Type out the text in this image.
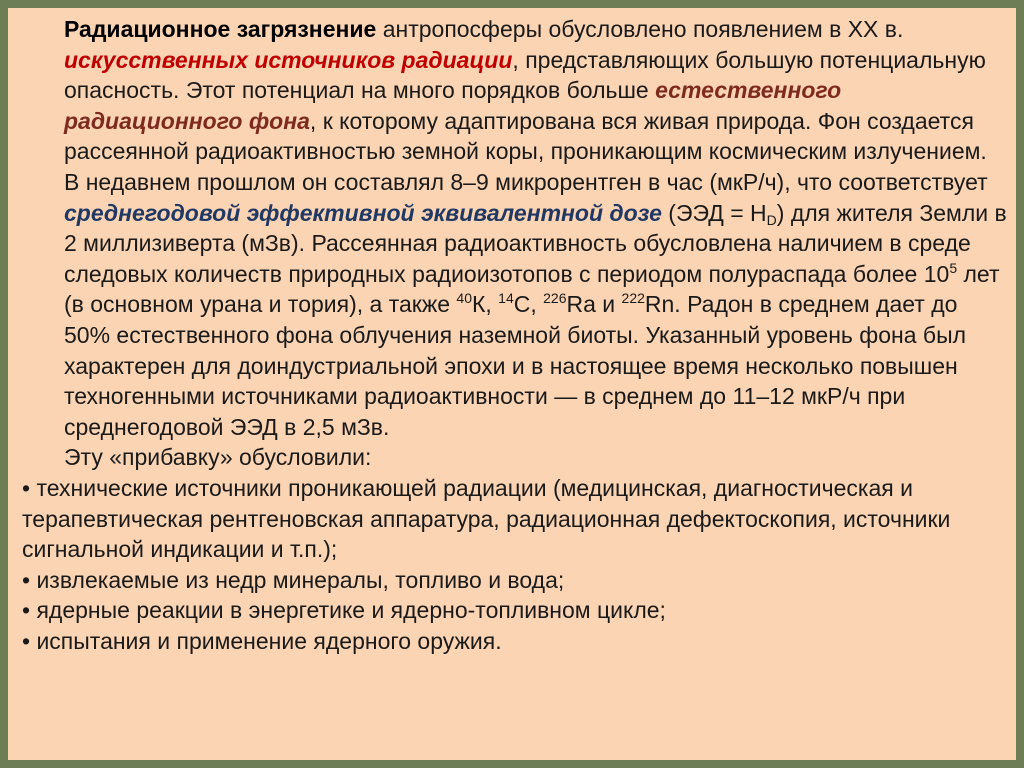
Радиационное загрязнение антропосферы обусловлено появлением в ХХ в. искусственных источников радиации, представляющих большую потенциальную опасность. Этот потенциал на много порядков больше естественного радиационного фона, к которому адаптирована вся живая природа. Фон создается рассеянной радиоактивностью земной коры, проникающим космическим излучением. В недавнем прошлом он составлял 8–9 микрорентген в час (мкР/ч), что соответствует среднегодовой эффективной эквивалентной дозе $(ЭЭД = Н_D)$ для жителя Земли в 2 миллизиверта (мЗв). Рассеянная радиоактивность обусловлена наличием в среде следовых количеств природных радиоизотопов с периодом полураспада более $10^5$ лет (в основном урана и тория), а также $^{40}$К, $^{14}$С, $^{226}$Ra и $^{222}$Rn. Радон в среднем дает до 50% естественного фона облучения наземной биоты. Указанный уровень фона был характерен для доиндустриальной эпохи и в настоящее время несколько повышен техногенными источниками радиоактивности — в среднем до 11–12 мкР/ч при среднегодовой ЭЭД в 2,5 мЗв.

Эту «прибавку» обусловили:

• технические источники проникающей радиации (медицинская, диагностическая и терапевтическая рентгеновская аппаратура, радиационная дефектоскопия, источники сигнальной индикации и т.п.);

• извлекаемые из недр минералы, топливо и вода;

• ядерные реакции в энергетике и ядерно-топливном цикле;

• испытания и применение ядерного оружия.
